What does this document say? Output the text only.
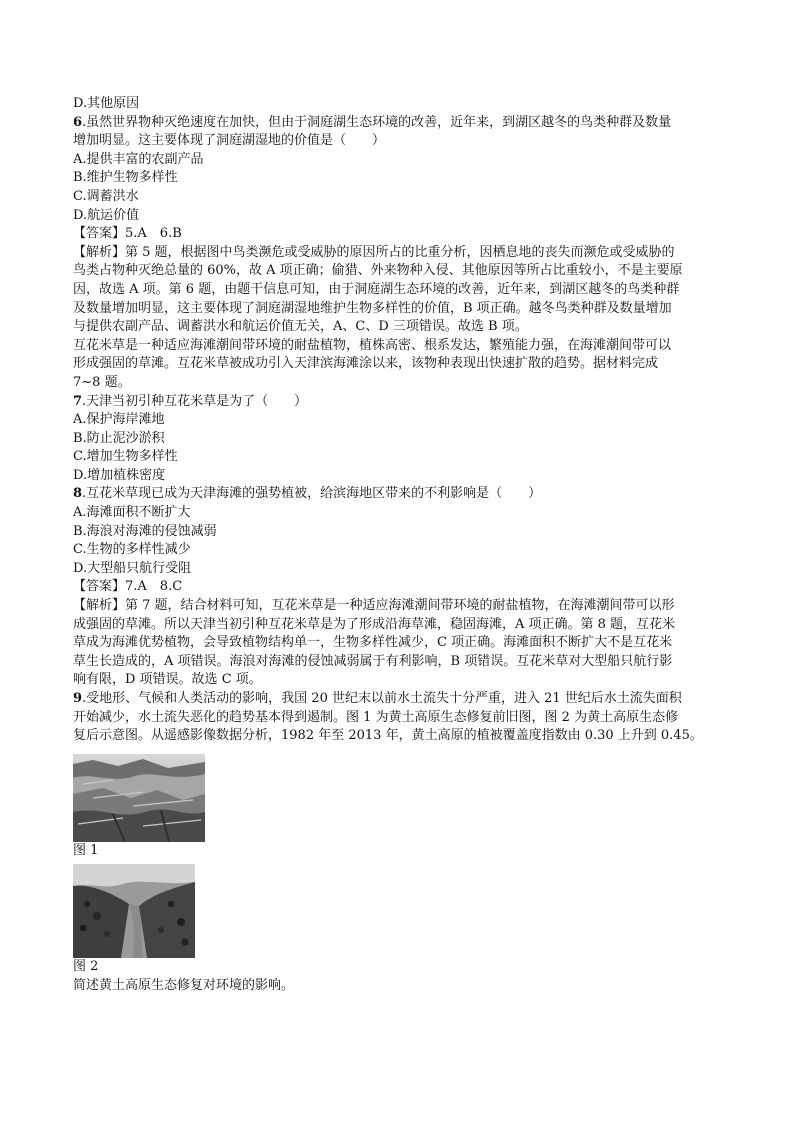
D.其他原因
6.虽然世界物种灭绝速度在加快，但由于洞庭湖生态环境的改善，近年来，到湖区越冬的鸟类种群及数量
增加明显。这主要体现了洞庭湖湿地的价值是（　　）
A.提供丰富的农副产品
B.维护生物多样性
C.调蓄洪水
D.航运价值
【答案】5.A　6.B
【解析】第 5 题，根据图中鸟类濒危或受威胁的原因所占的比重分析，因栖息地的丧失而濒危或受威胁的
鸟类占物种灭绝总量的 60%，故 A 项正确；偷猎、外来物种入侵、其他原因等所占比重较小，不是主要原
因，故选 A 项。第 6 题，由题干信息可知，由于洞庭湖生态环境的改善，近年来，到湖区越冬的鸟类种群
及数量增加明显，这主要体现了洞庭湖湿地维护生物多样性的价值，B 项正确。越冬鸟类种群及数量增加
与提供农副产品、调蓄洪水和航运价值无关，A、C、D 三项错误。故选 B 项。
互花米草是一种适应海滩潮间带环境的耐盐植物，植株高密、根系发达，繁殖能力强，在海滩潮间带可以
形成强固的草滩。互花米草被成功引入天津滨海滩涂以来，该物种表现出快速扩散的趋势。据材料完成
7~8 题。
7.天津当初引种互花米草是为了（　　）
A.保护海岸滩地
B.防止泥沙淤积
C.增加生物多样性
D.增加植株密度
8.互花米草现已成为天津海滩的强势植被，给滨海地区带来的不利影响是（　　）
A.海滩面积不断扩大
B.海浪对海滩的侵蚀减弱
C.生物的多样性减少
D.大型船只航行受阻
【答案】7.A　8.C
【解析】第 7 题，结合材料可知，互花米草是一种适应海滩潮间带环境的耐盐植物，在海滩潮间带可以形
成强固的草滩。所以天津当初引种互花米草是为了形成沿海草滩，稳固海滩，A 项正确。第 8 题，互花米
草成为海滩优势植物，会导致植物结构单一，生物多样性减少，C 项正确。海滩面积不断扩大不是互花米
草生长造成的，A 项错误。海浪对海滩的侵蚀减弱属于有利影响，B 项错误。互花米草对大型船只航行影
响有限，D 项错误。故选 C 项。
9.受地形、气候和人类活动的影响，我国 20 世纪末以前水土流失十分严重，进入 21 世纪后水土流失面积
开始减少，水土流失恶化的趋势基本得到遏制。图 1 为黄土高原生态修复前旧图，图 2 为黄土高原生态修
复后示意图。从遥感影像数据分析，1982 年至 2013 年，黄土高原的植被覆盖度指数由 0.30 上升到 0.45。
图 1
图 2
简述黄土高原生态修复对环境的影响。
